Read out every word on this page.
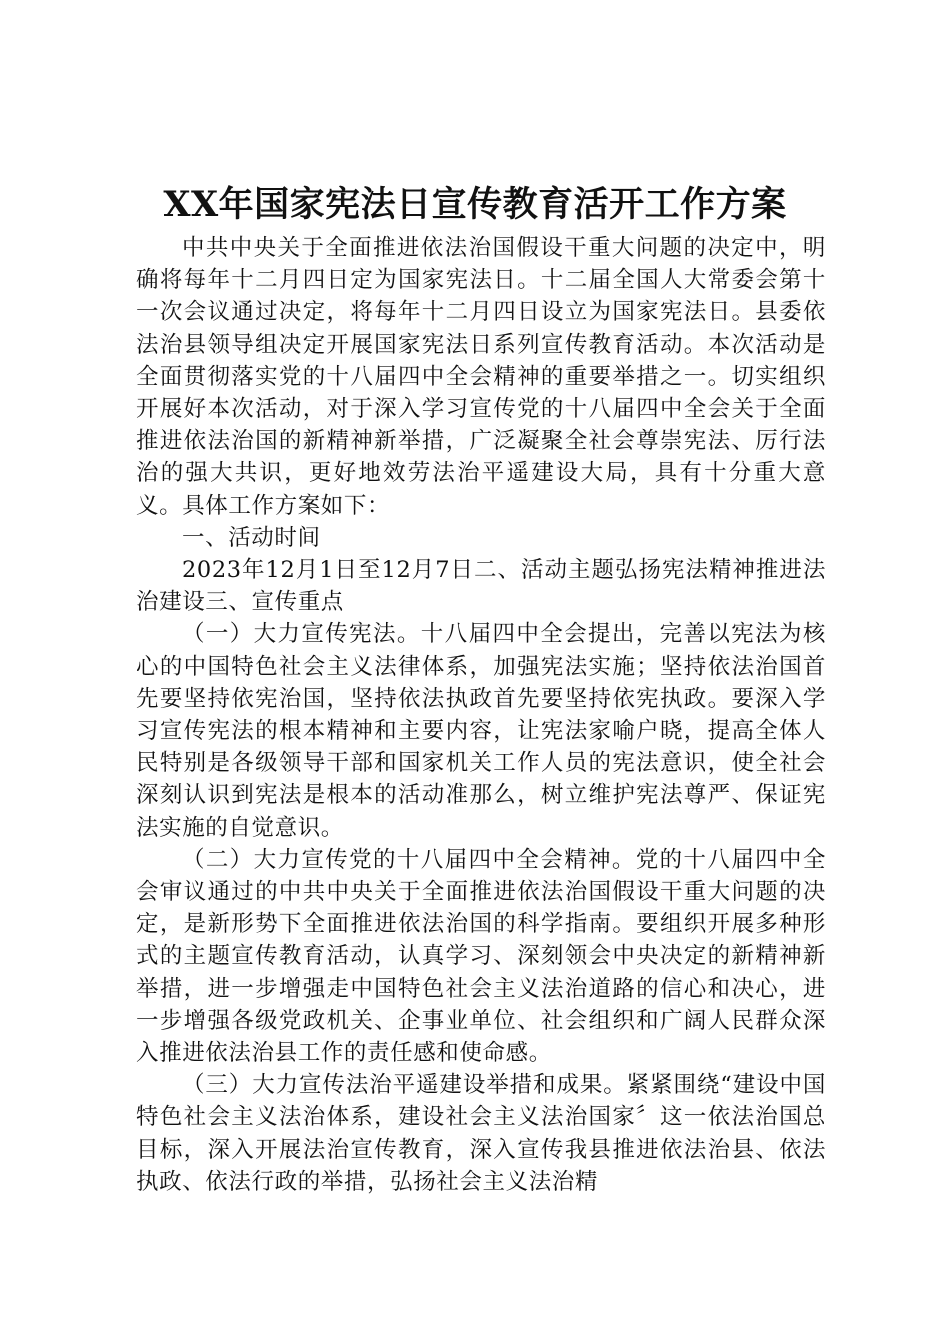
XX年国家宪法日宣传教育活开工作方案

中共中央关于全面推进依法治国假设干重大问题的决定中，明确将每年十二月四日定为国家宪法日。十二届全国人大常委会第十一次会议通过决定，将每年十二月四日设立为国家宪法日。县委依法治县领导组决定开展国家宪法日系列宣传教育活动。本次活动是全面贯彻落实党的十八届四中全会精神的重要举措之一。切实组织开展好本次活动，对于深入学习宣传党的十八届四中全会关于全面推进依法治国的新精神新举措，广泛凝聚全社会尊崇宪法、厉行法治的强大共识，更好地效劳法治平遥建设大局，具有十分重大意义。具体工作方案如下：

一、活动时间

2023年12月1日至12月7日二、活动主题弘扬宪法精神推进法治建设三、宣传重点

（一）大力宣传宪法。十八届四中全会提出，完善以宪法为核心的中国特色社会主义法律体系，加强宪法实施；坚持依法治国首先要坚持依宪治国，坚持依法执政首先要坚持依宪执政。要深入学习宣传宪法的根本精神和主要内容，让宪法家喻户晓，提高全体人民特别是各级领导干部和国家机关工作人员的宪法意识，使全社会深刻认识到宪法是根本的活动准那么，树立维护宪法尊严、保证宪法实施的自觉意识。

（二）大力宣传党的十八届四中全会精神。党的十八届四中全会审议通过的中共中央关于全面推进依法治国假设干重大问题的决定，是新形势下全面推进依法治国的科学指南。要组织开展多种形式的主题宣传教育活动，认真学习、深刻领会中央决定的新精神新举措，进一步增强走中国特色社会主义法治道路的信心和决心，进一步增强各级党政机关、企事业单位、社会组织和广阔人民群众深入推进依法治县工作的责任感和使命感。

（三）大力宣传法治平遥建设举措和成果。紧紧围绕“建设中国特色社会主义法治体系，建设社会主义法治国家〞这一依法治国总目标，深入开展法治宣传教育，深入宣传我县推进依法治县、依法执政、依法行政的举措，弘扬社会主义法治精
